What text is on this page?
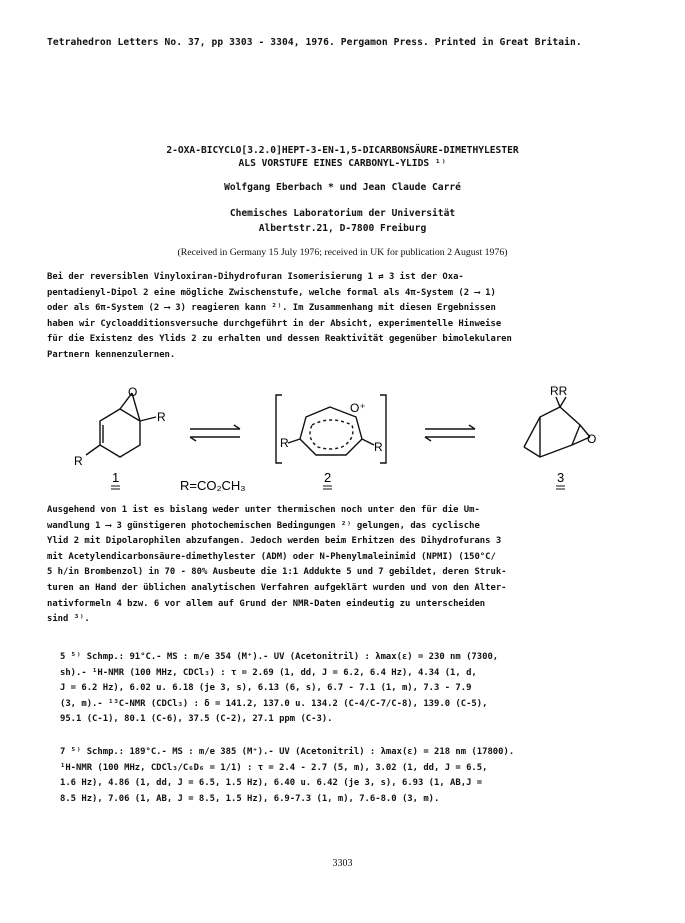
Tetrahedron Letters No. 37, pp 3303 - 3304, 1976. Pergamon Press. Printed in Great Britain.
2-OXA-BICYCLO[3.2.0]HEPT-3-EN-1,5-DICARBONSÄURE-DIMETHYLESTER
ALS VORSTUFE EINES CARBONYL-YLIDS ¹⁾
Wolfgang Eberbach * und Jean Claude Carré
Chemisches Laboratorium der Universität
Albertstr.21, D-7800 Freiburg
(Received in Germany 15 July 1976; received in UK for publication 2 August 1976)

Bei der reversiblen Vinyloxiran-Dihydrofuran Isomerisierung 1 ⇄ 3 ist der Oxa-

pentadienyl-Dipol 2 eine mögliche Zwischenstufe, welche formal als 4π-System (2 ⟶ 1)

oder als 6π-System (2 ⟶ 3) reagieren kann ²⁾. Im Zusammenhang mit diesen Ergebnissen

haben wir Cycloadditionsversuche durchgeführt in der Absicht, experimentelle Hinweise

für die Existenz des Ylids 2 zu erhalten und dessen Reaktivität gegenüber bimolekularen

Partnern kennenzulernen.

O
R
R
O⁺
R	R
RR
O
1
R=CO₂CH₃
2	3

Ausgehend von 1 ist es bislang weder unter thermischen noch unter den für die Um-

wandlung 1 ⟶ 3 günstigeren photochemischen Bedingungen ²⁾ gelungen, das cyclische

Ylid 2 mit Dipolarophilen abzufangen. Jedoch werden beim Erhitzen des Dihydrofurans 3

mit Acetylendicarbonsäure-dimethylester (ADM) oder N-Phenylmaleinimid (NPMI) (150°C/

5 h/in Brombenzol) in 70 - 80% Ausbeute die 1:1 Addukte 5 und 7 gebildet, deren Struk-

turen an Hand der üblichen analytischen Verfahren aufgeklärt wurden und von den Alter-

nativformeln 4 bzw. 6 vor allem auf Grund der NMR-Daten eindeutig zu unterscheiden

sind ³⁾.

5 ⁵⁾ Schmp.: 91°C.- MS : m/e 354 (M⁺).- UV (Acetonitril) : λmax(ε) = 230 nm (7300,

sh).- ¹H-NMR (100 MHz, CDCl₃) : τ = 2.69 (1, dd, J = 6.2, 6.4 Hz), 4.34 (1, d,

J = 6.2 Hz), 6.02 u. 6.18 (je 3, s), 6.13 (6, s), 6.7 - 7.1 (1, m), 7.3 - 7.9

(3, m).- ¹³C-NMR (CDCl₃) : δ = 141.2, 137.0 u. 134.2 (C-4/C-7/C-8), 139.0 (C-5),

95.1 (C-1), 80.1 (C-6), 37.5 (C-2), 27.1 ppm (C-3).

7 ⁵⁾ Schmp.: 189°C.- MS : m/e 385 (M⁺).- UV (Acetonitril) : λmax(ε) = 218 nm (17800).

¹H-NMR (100 MHz, CDCl₃/C₆D₆ = 1/1) : τ = 2.4 - 2.7 (5, m), 3.02 (1, dd, J = 6.5,

1.6 Hz), 4.86 (1, dd, J = 6.5, 1.5 Hz), 6.40 u. 6.42 (je 3, s), 6.93 (1, AB,J =

8.5 Hz), 7.06 (1, AB, J = 8.5, 1.5 Hz), 6.9-7.3 (1, m), 7.6-8.0 (3, m).

3303
